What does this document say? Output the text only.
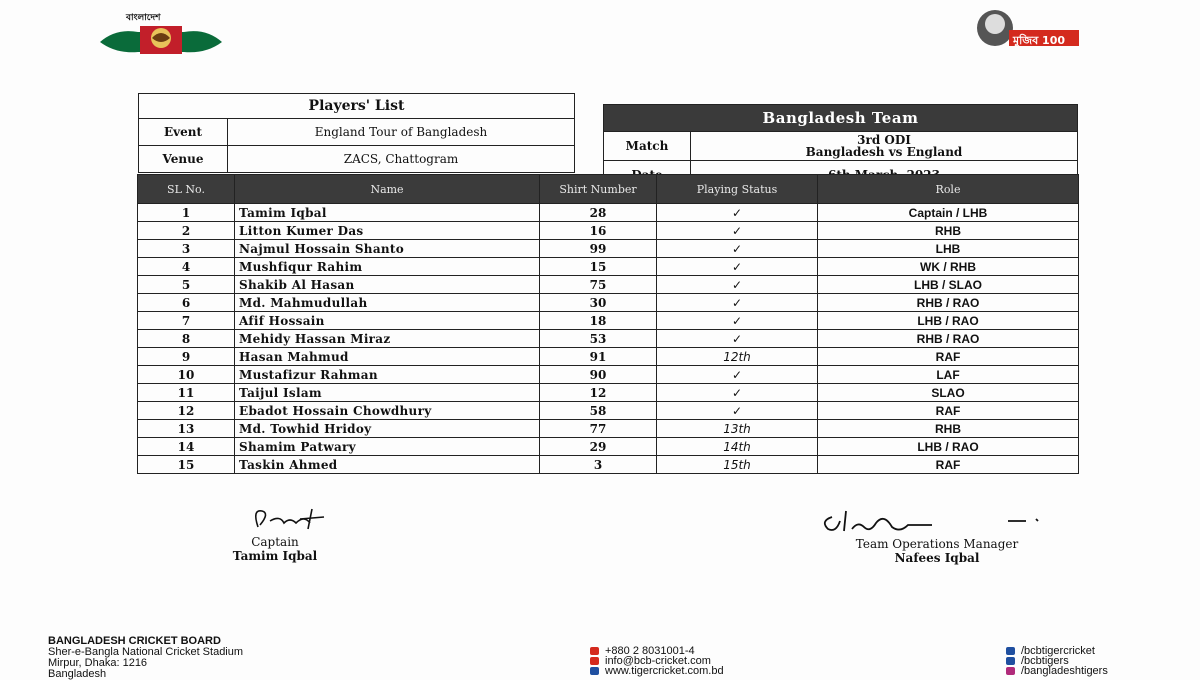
বাংলাদেশ
মুজিব 100
Players' List	
Event	England Tour of Bangladesh
Venue	ZACS, Chattogram
Bangladesh Team	
Match	3rd ODI
Bangladesh vs England

SL No.	Name	Shirt Number	Playing Status	Role
1	Tamim Iqbal	28	✓	Captain / LHB
2	Litton Kumer Das	16	✓	RHB
3	Najmul Hossain Shanto	99	✓	LHB
4	Mushfiqur Rahim	15	✓	WK / RHB
5	Shakib Al Hasan	75	✓	LHB / SLAO
6	Md. Mahmudullah	30	✓	RHB / RAO
7	Afif Hossain	18	✓	LHB / RAO
8	Mehidy Hassan Miraz	53	✓	RHB / RAO
9	Hasan Mahmud	91	12th	RAF
10	Mustafizur Rahman	90	✓	LAF
11	Taijul Islam	12	✓	SLAO
12	Ebadot Hossain Chowdhury	58	✓	RAF
13	Md. Towhid Hridoy	77	13th	RHB
14	Shamim Patwary	29	14th	LHB / RAO
15	Taskin Ahmed	3	15th	RAF
Captain
Tamim Iqbal
Team Operations Manager
Nafees Iqbal
BANGLADESH CRICKET BOARD
Sher-e-Bangla National Cricket Stadium
Mirpur, Dhaka: 1216
Bangladesh
+880 2 8031001-4
info@bcb-cricket.com
www.tigercricket.com.bd
/bcbtigercricket
/bcbtigers
/bangladeshtigers
